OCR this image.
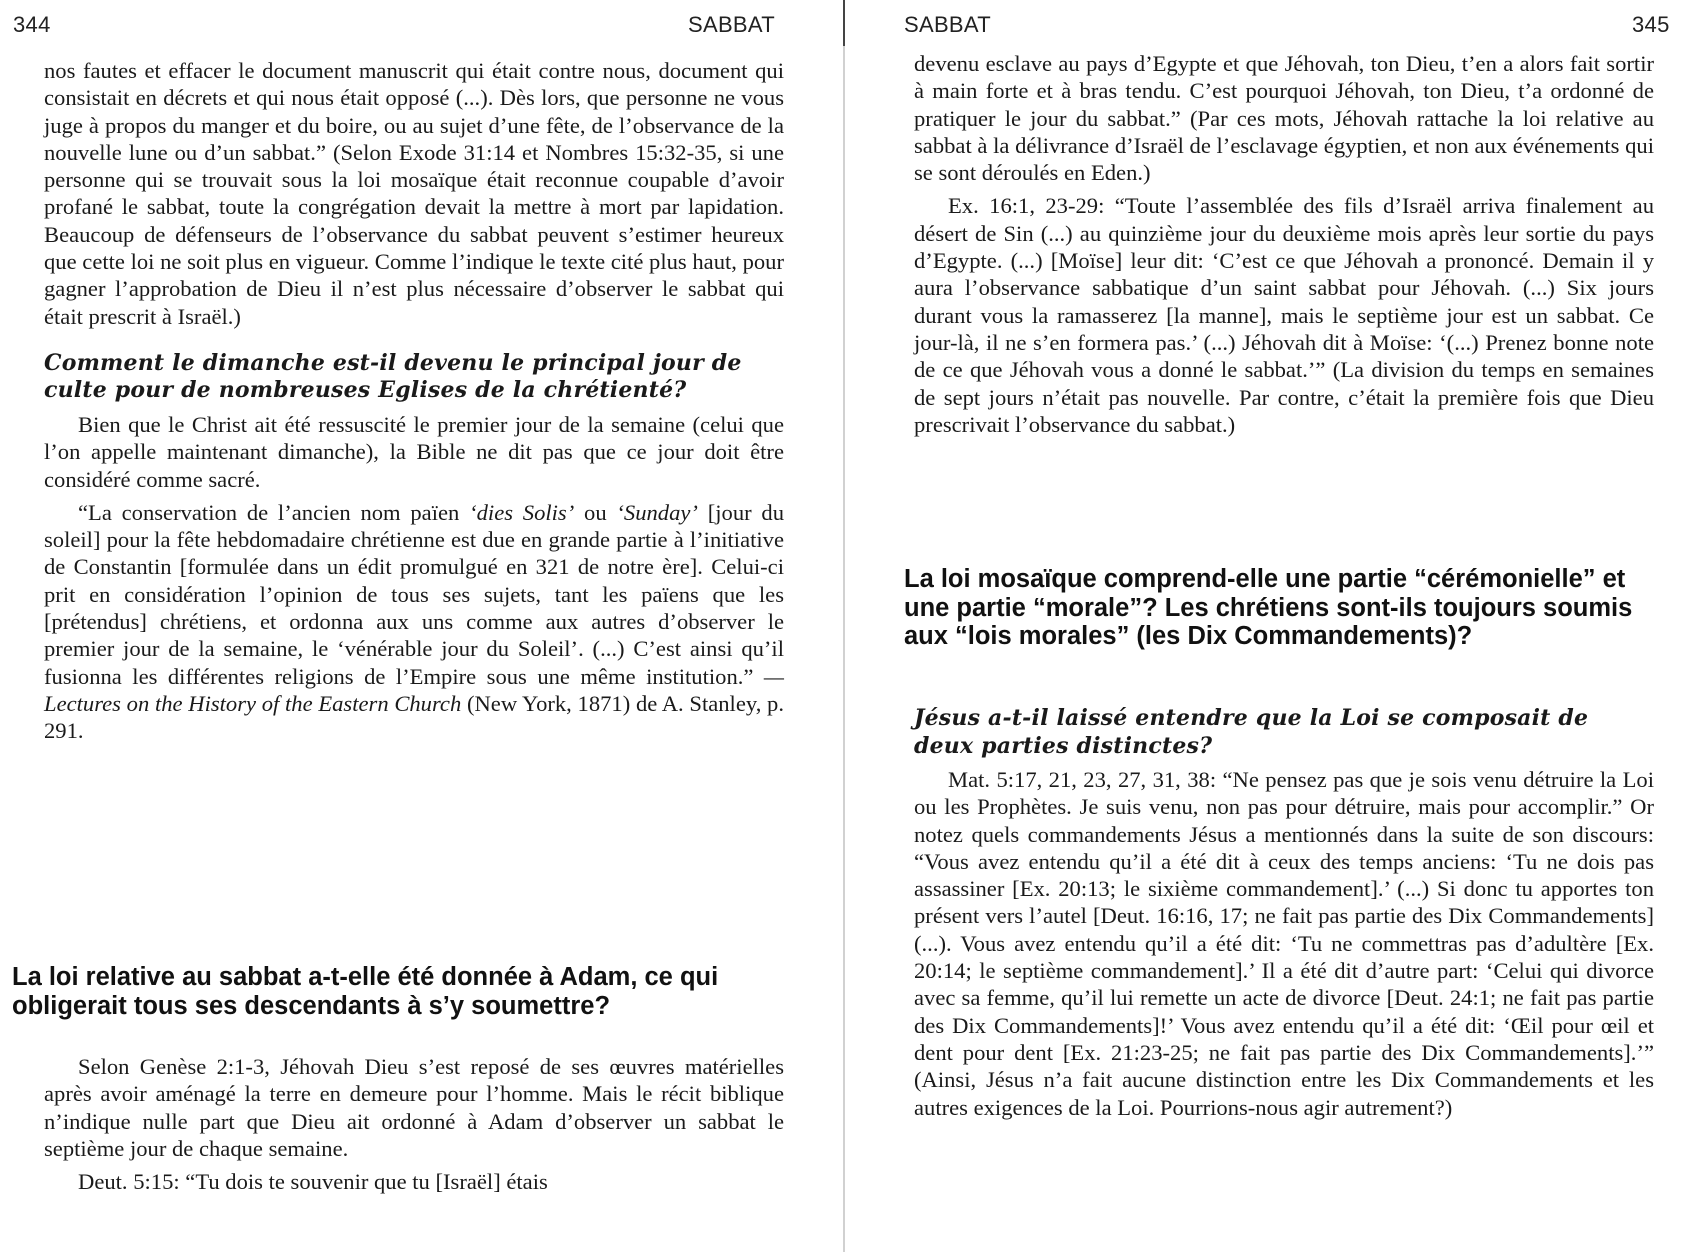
344	SABBAT

nos fautes et effacer le document manuscrit qui était contre nous, document qui consistait en décrets et qui nous était opposé (...). Dès lors, que personne ne vous juge à propos du manger et du boire, ou au sujet d’une fête, de l’observance de la nouvelle lune ou d’un sabbat.” (Selon Exode 31:14 et Nombres 15:32-35, si une personne qui se trouvait sous la loi mosaïque était reconnue coupable d’avoir profané le sabbat, toute la congrégation devait la mettre à mort par lapidation. Beaucoup de défenseurs de l’observance du sabbat peuvent s’estimer heureux que cette loi ne soit plus en vigueur. Comme l’indique le texte cité plus haut, pour gagner l’approbation de Dieu il n’est plus nécessaire d’observer le sabbat qui était prescrit à Israël.)

Comment le dimanche est-il devenu le principal jour de culte pour de nombreuses Eglises de la chrétienté?

Bien que le Christ ait été ressuscité le premier jour de la semaine (celui que l’on appelle maintenant dimanche), la Bible ne dit pas que ce jour doit être considéré comme sacré.

“La conservation de l’ancien nom païen ‘dies Solis’ ou ‘Sunday’ [jour du soleil] pour la fête hebdomadaire chrétienne est due en grande partie à l’initiative de Constantin [formulée dans un édit promulgué en 321 de notre ère]. Celui-ci prit en considération l’opinion de tous ses sujets, tant les païens que les [prétendus] chrétiens, et ordonna aux uns comme aux autres d’observer le premier jour de la semaine, le ‘vénérable jour du Soleil’. (...) C’est ainsi qu’il fusionna les différentes religions de l’Empire sous une même institution.” — Lectures on the History of the Eastern Church (New York, 1871) de A. Stanley, p. 291.

La loi relative au sabbat a-t-elle été donnée à Adam, ce qui obligerait tous ses descendants à s’y soumettre?

Selon Genèse 2:1-3, Jéhovah Dieu s’est reposé de ses œuvres matérielles après avoir aménagé la terre en demeure pour l’homme. Mais le récit biblique n’indique nulle part que Dieu ait ordonné à Adam d’observer un sabbat le septième jour de chaque semaine.

Deut. 5:15: “Tu dois te souvenir que tu [Israël] étais

SABBAT	345

devenu esclave au pays d’Egypte et que Jéhovah, ton Dieu, t’en a alors fait sortir à main forte et à bras tendu. C’est pourquoi Jéhovah, ton Dieu, t’a ordonné de pratiquer le jour du sabbat.” (Par ces mots, Jéhovah rattache la loi relative au sabbat à la délivrance d’Israël de l’esclavage égyptien, et non aux événements qui se sont déroulés en Eden.)

Ex. 16:1, 23-29: “Toute l’assemblée des fils d’Israël arriva finalement au désert de Sin (...) au quinzième jour du deuxième mois après leur sortie du pays d’Egypte. (...) [Moïse] leur dit: ‘C’est ce que Jéhovah a prononcé. Demain il y aura l’observance sabbatique d’un saint sabbat pour Jéhovah. (...) Six jours durant vous la ramasserez [la manne], mais le septième jour est un sabbat. Ce jour-là, il ne s’en formera pas.’ (...) Jéhovah dit à Moïse: ‘(...) Prenez bonne note de ce que Jéhovah vous a donné le sabbat.’” (La division du temps en semaines de sept jours n’était pas nouvelle. Par contre, c’était la première fois que Dieu prescrivait l’observance du sabbat.)

La loi mosaïque comprend-elle une partie “cérémonielle” et une partie “morale”? Les chrétiens sont-ils toujours soumis aux “lois morales” (les Dix Commandements)?

Jésus a-t-il laissé entendre que la Loi se composait de deux parties distinctes?

Mat. 5:17, 21, 23, 27, 31, 38: “Ne pensez pas que je sois venu détruire la Loi ou les Prophètes. Je suis venu, non pas pour détruire, mais pour accomplir.” Or notez quels commandements Jésus a mentionnés dans la suite de son discours: “Vous avez entendu qu’il a été dit à ceux des temps anciens: ‘Tu ne dois pas assassiner [Ex. 20:13; le sixième commandement].’ (...) Si donc tu apportes ton présent vers l’autel [Deut. 16:16, 17; ne fait pas partie des Dix Commandements] (...). Vous avez entendu qu’il a été dit: ‘Tu ne commettras pas d’adultère [Ex. 20:14; le septième commandement].’ Il a été dit d’autre part: ‘Celui qui divorce avec sa femme, qu’il lui remette un acte de divorce [Deut. 24:1; ne fait pas partie des Dix Commandements]!’ Vous avez entendu qu’il a été dit: ‘Œil pour œil et dent pour dent [Ex. 21:23-25; ne fait pas partie des Dix Commandements].’” (Ainsi, Jésus n’a fait aucune distinction entre les Dix Commandements et les autres exigences de la Loi. Pourrions-nous agir autrement?)
